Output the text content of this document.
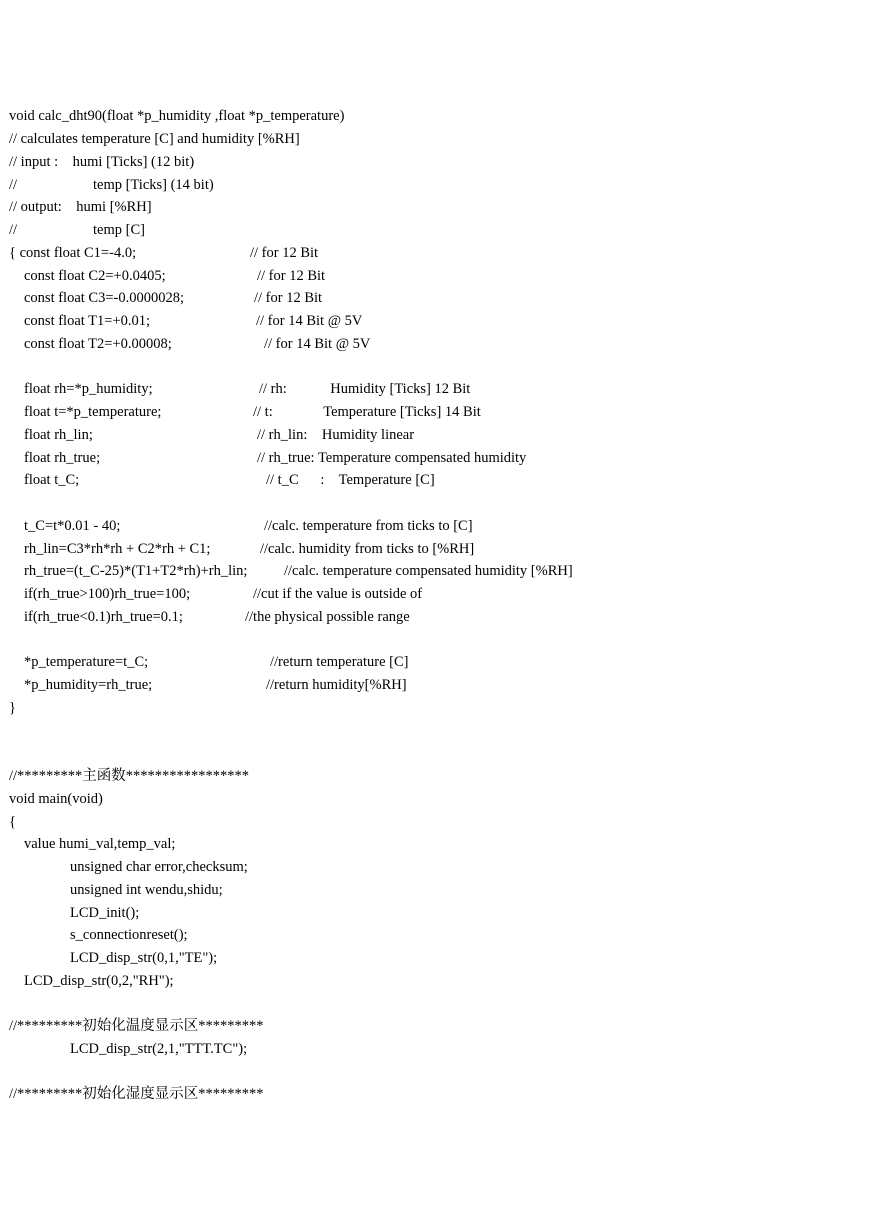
void calc_dht90(float *p_humidity ,float *p_temperature)

// calculates temperature [C] and humidity [%RH]

// input :    humi [Ticks] (12 bit)

//

	temp [Ticks] (14 bit)

// output:    humi [%RH]

//

	temp [C]

{ const float C1=-4.0;

	// for 12 Bit

const float C2=+0.0405;

	// for 12 Bit

const float C3=-0.0000028;

	// for 12 Bit

const float T1=+0.01;

	// for 14 Bit @ 5V

const float T2=+0.00008;

	// for 14 Bit @ 5V

float rh=*p_humidity;

	// rh:            Humidity [Ticks] 12 Bit

float t=*p_temperature;

	// t:              Temperature [Ticks] 14 Bit

float rh_lin;

	// rh_lin:    Humidity linear

float rh_true;

	// rh_true: Temperature compensated humidity

float t_C;

	// t_C      :    Temperature [C]

t_C=t*0.01 - 40;

	//calc. temperature from ticks to [C]

rh_lin=C3*rh*rh + C2*rh + C1;

	//calc. humidity from ticks to [%RH]

rh_true=(t_C-25)*(T1+T2*rh)+rh_lin;

	//calc. temperature compensated humidity [%RH]

if(rh_true>100)rh_true=100;

	//cut if the value is outside of

if(rh_true<0.1)rh_true=0.1;

	//the physical possible range

*p_temperature=t_C;

	//return temperature [C]

*p_humidity=rh_true;

	//return humidity[%RH]

}

//*********主函数*****************

void main(void)

{

value humi_val,temp_val;

unsigned char error,checksum;

unsigned int wendu,shidu;

LCD_init();

s_connectionreset();

LCD_disp_str(0,1,"TE");

LCD_disp_str(0,2,"RH");

//*********初始化温度显示区*********

LCD_disp_str(2,1,"TTT.TC");

//*********初始化湿度显示区*********
